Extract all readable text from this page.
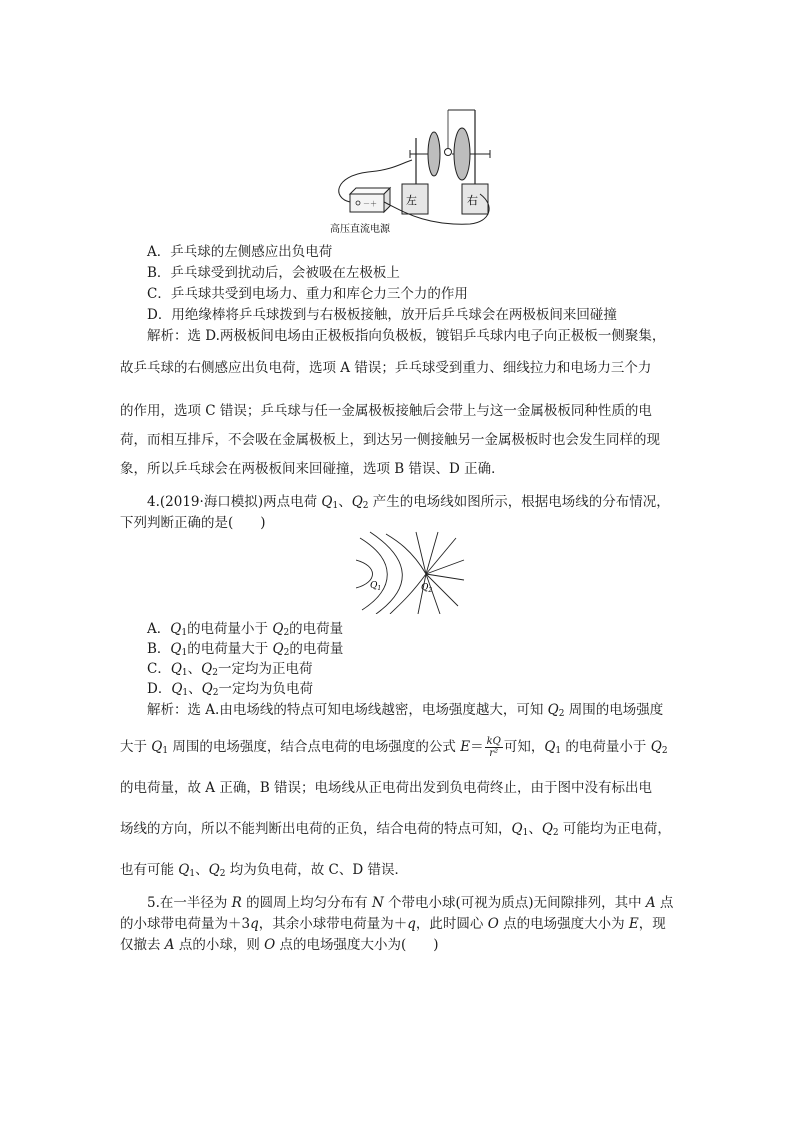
－＋	左	右
高压直流电源
A．乒乓球的左侧感应出负电荷
B．乒乓球受到扰动后，会被吸在左极板上
C．乒乓球共受到电场力、重力和库仑力三个力的作用
D．用绝缘棒将乒乓球拨到与右极板接触，放开后乒乓球会在两极板间来回碰撞
解析：选 D.两极板间电场由正极板指向负极板，镀铝乒乓球内电子向正极板一侧聚集，
故乒乓球的右侧感应出负电荷，选项 A 错误；乒乓球受到重力、细线拉力和电场力三个力
的作用，选项 C 错误；乒乓球与任一金属极板接触后会带上与这一金属极板同种性质的电
荷，而相互排斥，不会吸在金属极板上，到达另一侧接触另一金属极板时也会发生同样的现
象，所以乒乓球会在两极板间来回碰撞，选项 B 错误、D 正确．
4.(2019·海口模拟)两点电荷 $Q_1$、$Q_2$ 产生的电场线如图所示，根据电场线的分布情况，
下列判断正确的是(　　)
$Q_1$	$Q_2$
A．$Q_1$的电荷量小于 $Q_2$的电荷量
B．$Q_1$的电荷量大于 $Q_2$的电荷量
C．$Q_1$、$Q_2$一定均为正电荷
D．$Q_1$、$Q_2$一定均为负电荷
解析：选 A.由电场线的特点可知电场线越密，电场强度越大，可知 $Q_2$ 周围的电场强度
大于 $Q_1$ 周围的电场强度，结合点电荷的电场强度的公式 $E= \frac{kQ}{\text{r²}}$ 可知，$Q_1$ 的电荷量小于 $Q_2$
的电荷量，故 A 正确，B 错误；电场线从正电荷出发到负电荷终止，由于图中没有标出电
场线的方向，所以不能判断出电荷的正负，结合电荷的特点可知，$Q_1$、$Q_2$ 可能均为正电荷，
也有可能 $Q_1$、$Q_2$ 均为负电荷，故 C、D 错误．
5.在一半径为 R 的圆周上均匀分布有 N 个带电小球(可视为质点)无间隙排列，其中 A 点
的小球带电荷量为＋3q，其余小球带电荷量为＋q，此时圆心 O 点的电场强度大小为 E，现
仅撤去 A 点的小球，则 O 点的电场强度大小为(　　)
